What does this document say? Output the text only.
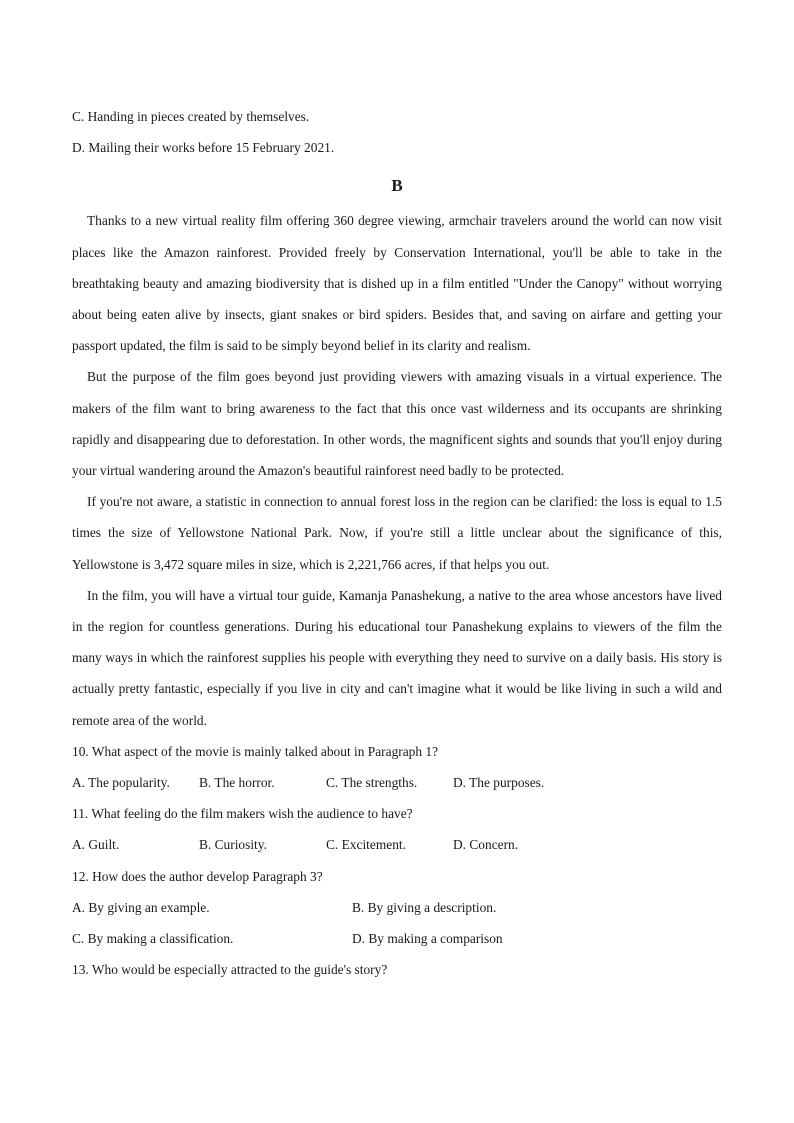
C. Handing in pieces created by themselves.

D. Mailing their works before 15 February 2021.

B

Thanks to a new virtual reality film offering 360 degree viewing, armchair travelers around the world can now visit places like the Amazon rainforest. Provided freely by Conservation International, you'll be able to take in the breathtaking beauty and amazing biodiversity that is dished up in a film entitled "Under the Canopy" without worrying about being eaten alive by insects, giant snakes or bird spiders. Besides that, and saving on airfare and getting your passport updated, the film is said to be simply beyond belief in its clarity and realism.

But the purpose of the film goes beyond just providing viewers with amazing visuals in a virtual experience. The makers of the film want to bring awareness to the fact that this once vast wilderness and its occupants are shrinking rapidly and disappearing due to deforestation. In other words, the magnificent sights and sounds that you'll enjoy during your virtual wandering around the Amazon's beautiful rainforest need badly to be protected.

If you're not aware, a statistic in connection to annual forest loss in the region can be clarified: the loss is equal to 1.5 times the size of Yellowstone National Park. Now, if you're still a little unclear about the significance of this, Yellowstone is 3,472 square miles in size, which is 2,221,766 acres, if that helps you out.

In the film, you will have a virtual tour guide, Kamanja Panashekung, a native to the area whose ancestors have lived in the region for countless generations. During his educational tour Panashekung explains to viewers of the film the many ways in which the rainforest supplies his people with everything they need to survive on a daily basis. His story is actually pretty fantastic, especially if you live in city and can't imagine what it would be like living in such a wild and remote area of the world.

10. What aspect of the movie is mainly talked about in Paragraph 1?

A. The popularity.	B. The horror.	C. The strengths.	D. The purposes.

11. What feeling do the film makers wish the audience to have?

A. Guilt.	B. Curiosity.	C. Excitement.	D. Concern.

12. How does the author develop Paragraph 3?

A. By giving an example.	B. By giving a description.
C. By making a classification.	D. By making a comparison

13. Who would be especially attracted to the guide's story?
